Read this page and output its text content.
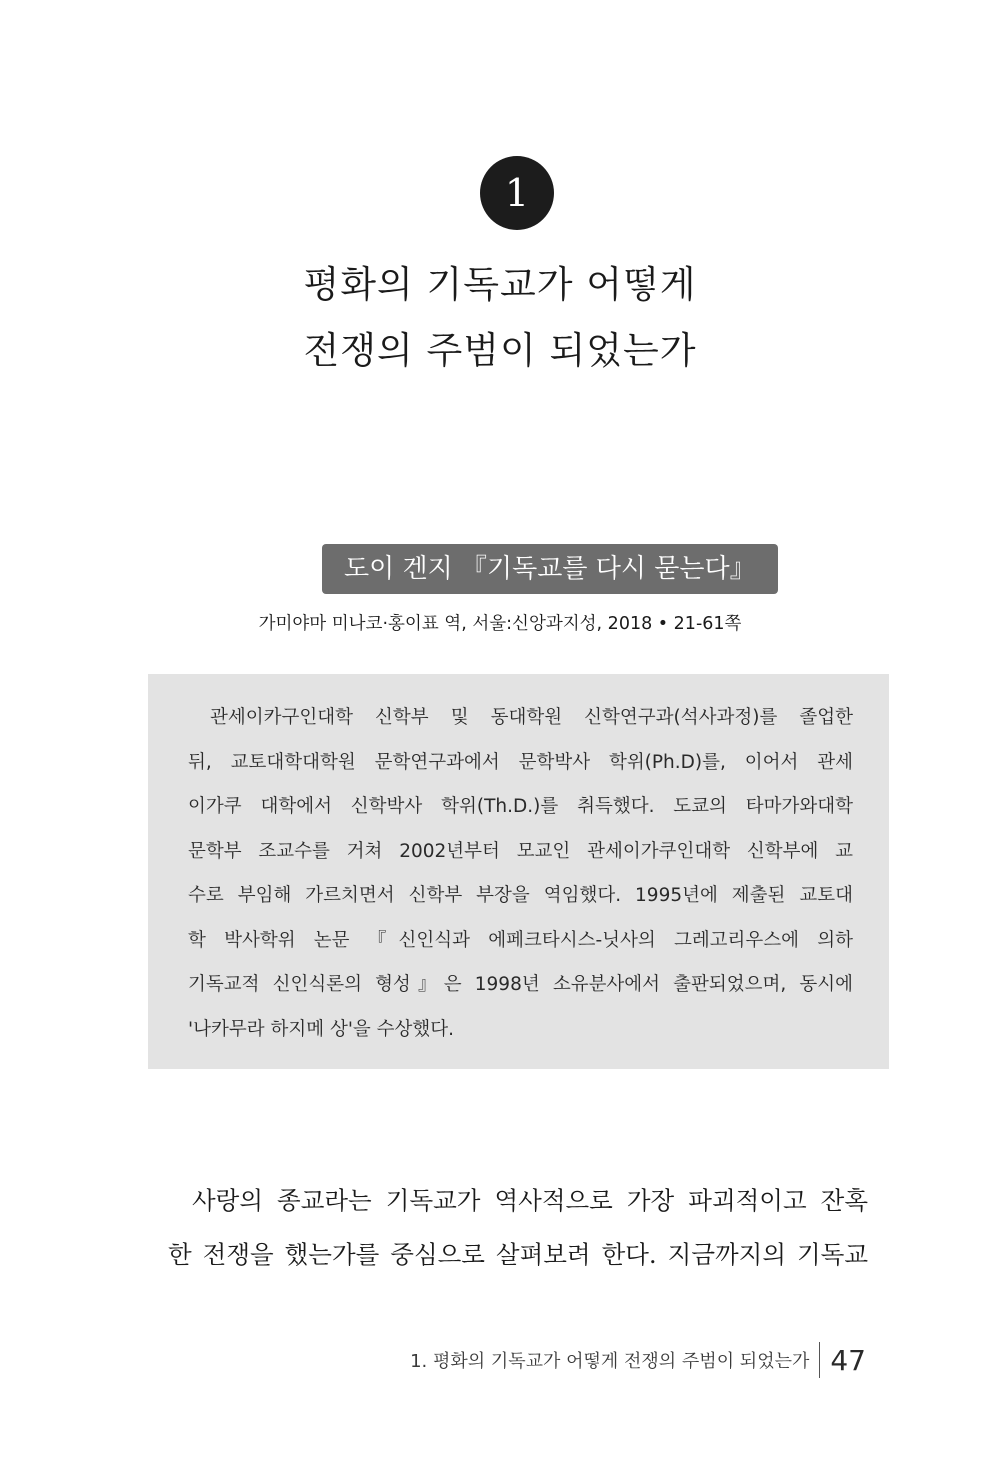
1
평화의 기독교가 어떻게
전쟁의 주범이 되었는가
도이 겐지 『기독교를 다시 묻는다』
가미야마 미나코·홍이표 역, 서울:신앙과지성, 2018 • 21-61쪽
관세이카구인대학 신학부 및 동대학원 신학연구과(석사과정)를 졸업한
뒤, 교토대학대학원 문학연구과에서 문학박사 학위(Ph.D)를, 이어서 관세
이가쿠 대학에서 신학박사 학위(Th.D.)를 취득했다. 도쿄의 타마가와대학
문학부 조교수를 거쳐 2002년부터 모교인 관세이가쿠인대학 신학부에 교
수로 부임해 가르치면서 신학부 부장을 역임했다. 1995년에 제출된 교토대
학 박사학위 논문 『신인식과 에페크타시스-닛사의 그레고리우스에 의하
기독교적 신인식론의 형성』은 1998년 소유분사에서 출판되었으며, 동시에
'나카무라 하지메 상'을 수상했다.
사랑의 종교라는 기독교가 역사적으로 가장 파괴적이고 잔혹
한 전쟁을 했는가를 중심으로 살펴보려 한다. 지금까지의 기독교
1. 평화의 기독교가 어떻게 전쟁의 주범이 되었는가 47
